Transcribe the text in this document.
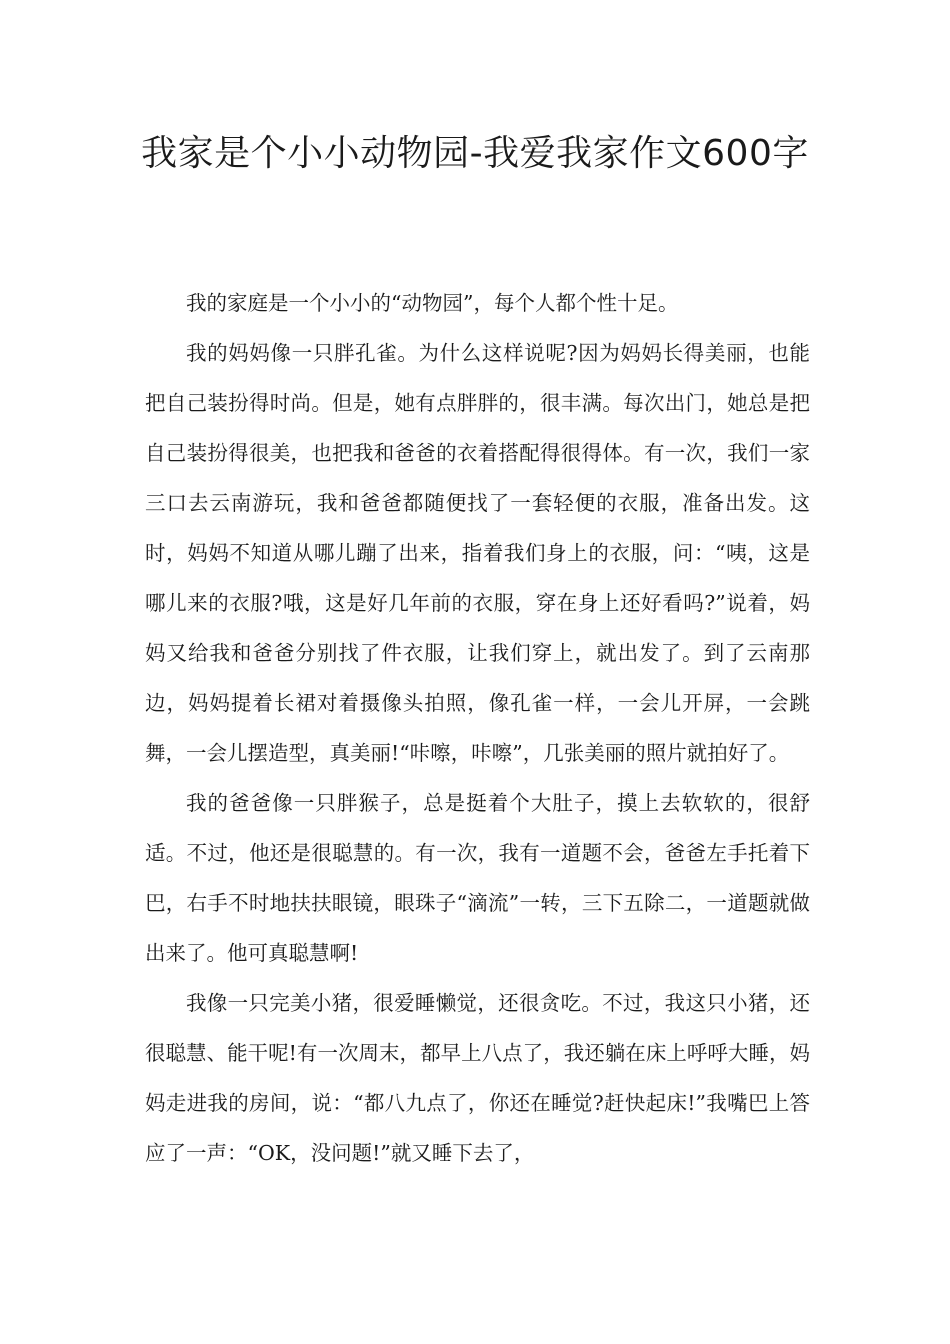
我家是个小小动物园-我爱我家作文600字

我的家庭是一个小小的“动物园”，每个人都个性十足。

我的妈妈像一只胖孔雀。为什么这样说呢?因为妈妈长得美丽，也能把自己装扮得时尚。但是，她有点胖胖的，很丰满。每次出门，她总是把自己装扮得很美，也把我和爸爸的衣着搭配得很得体。有一次，我们一家三口去云南游玩，我和爸爸都随便找了一套轻便的衣服，准备出发。这时，妈妈不知道从哪儿蹦了出来，指着我们身上的衣服，问：“咦，这是哪儿来的衣服?哦，这是好几年前的衣服，穿在身上还好看吗?”说着，妈妈又给我和爸爸分别找了件衣服，让我们穿上，就出发了。到了云南那边，妈妈提着长裙对着摄像头拍照，像孔雀一样，一会儿开屏，一会跳舞，一会儿摆造型，真美丽!“咔嚓，咔嚓”，几张美丽的照片就拍好了。

我的爸爸像一只胖猴子，总是挺着个大肚子，摸上去软软的，很舒适。不过，他还是很聪慧的。有一次，我有一道题不会，爸爸左手托着下巴，右手不时地扶扶眼镜，眼珠子“滴流”一转，三下五除二，一道题就做出来了。他可真聪慧啊!

我像一只完美小猪，很爱睡懒觉，还很贪吃。不过，我这只小猪，还很聪慧、能干呢!有一次周末，都早上八点了，我还躺在床上呼呼大睡，妈妈走进我的房间，说：“都八九点了，你还在睡觉?赶快起床!”我嘴巴上答应了一声：“OK，没问题!”就又睡下去了，
